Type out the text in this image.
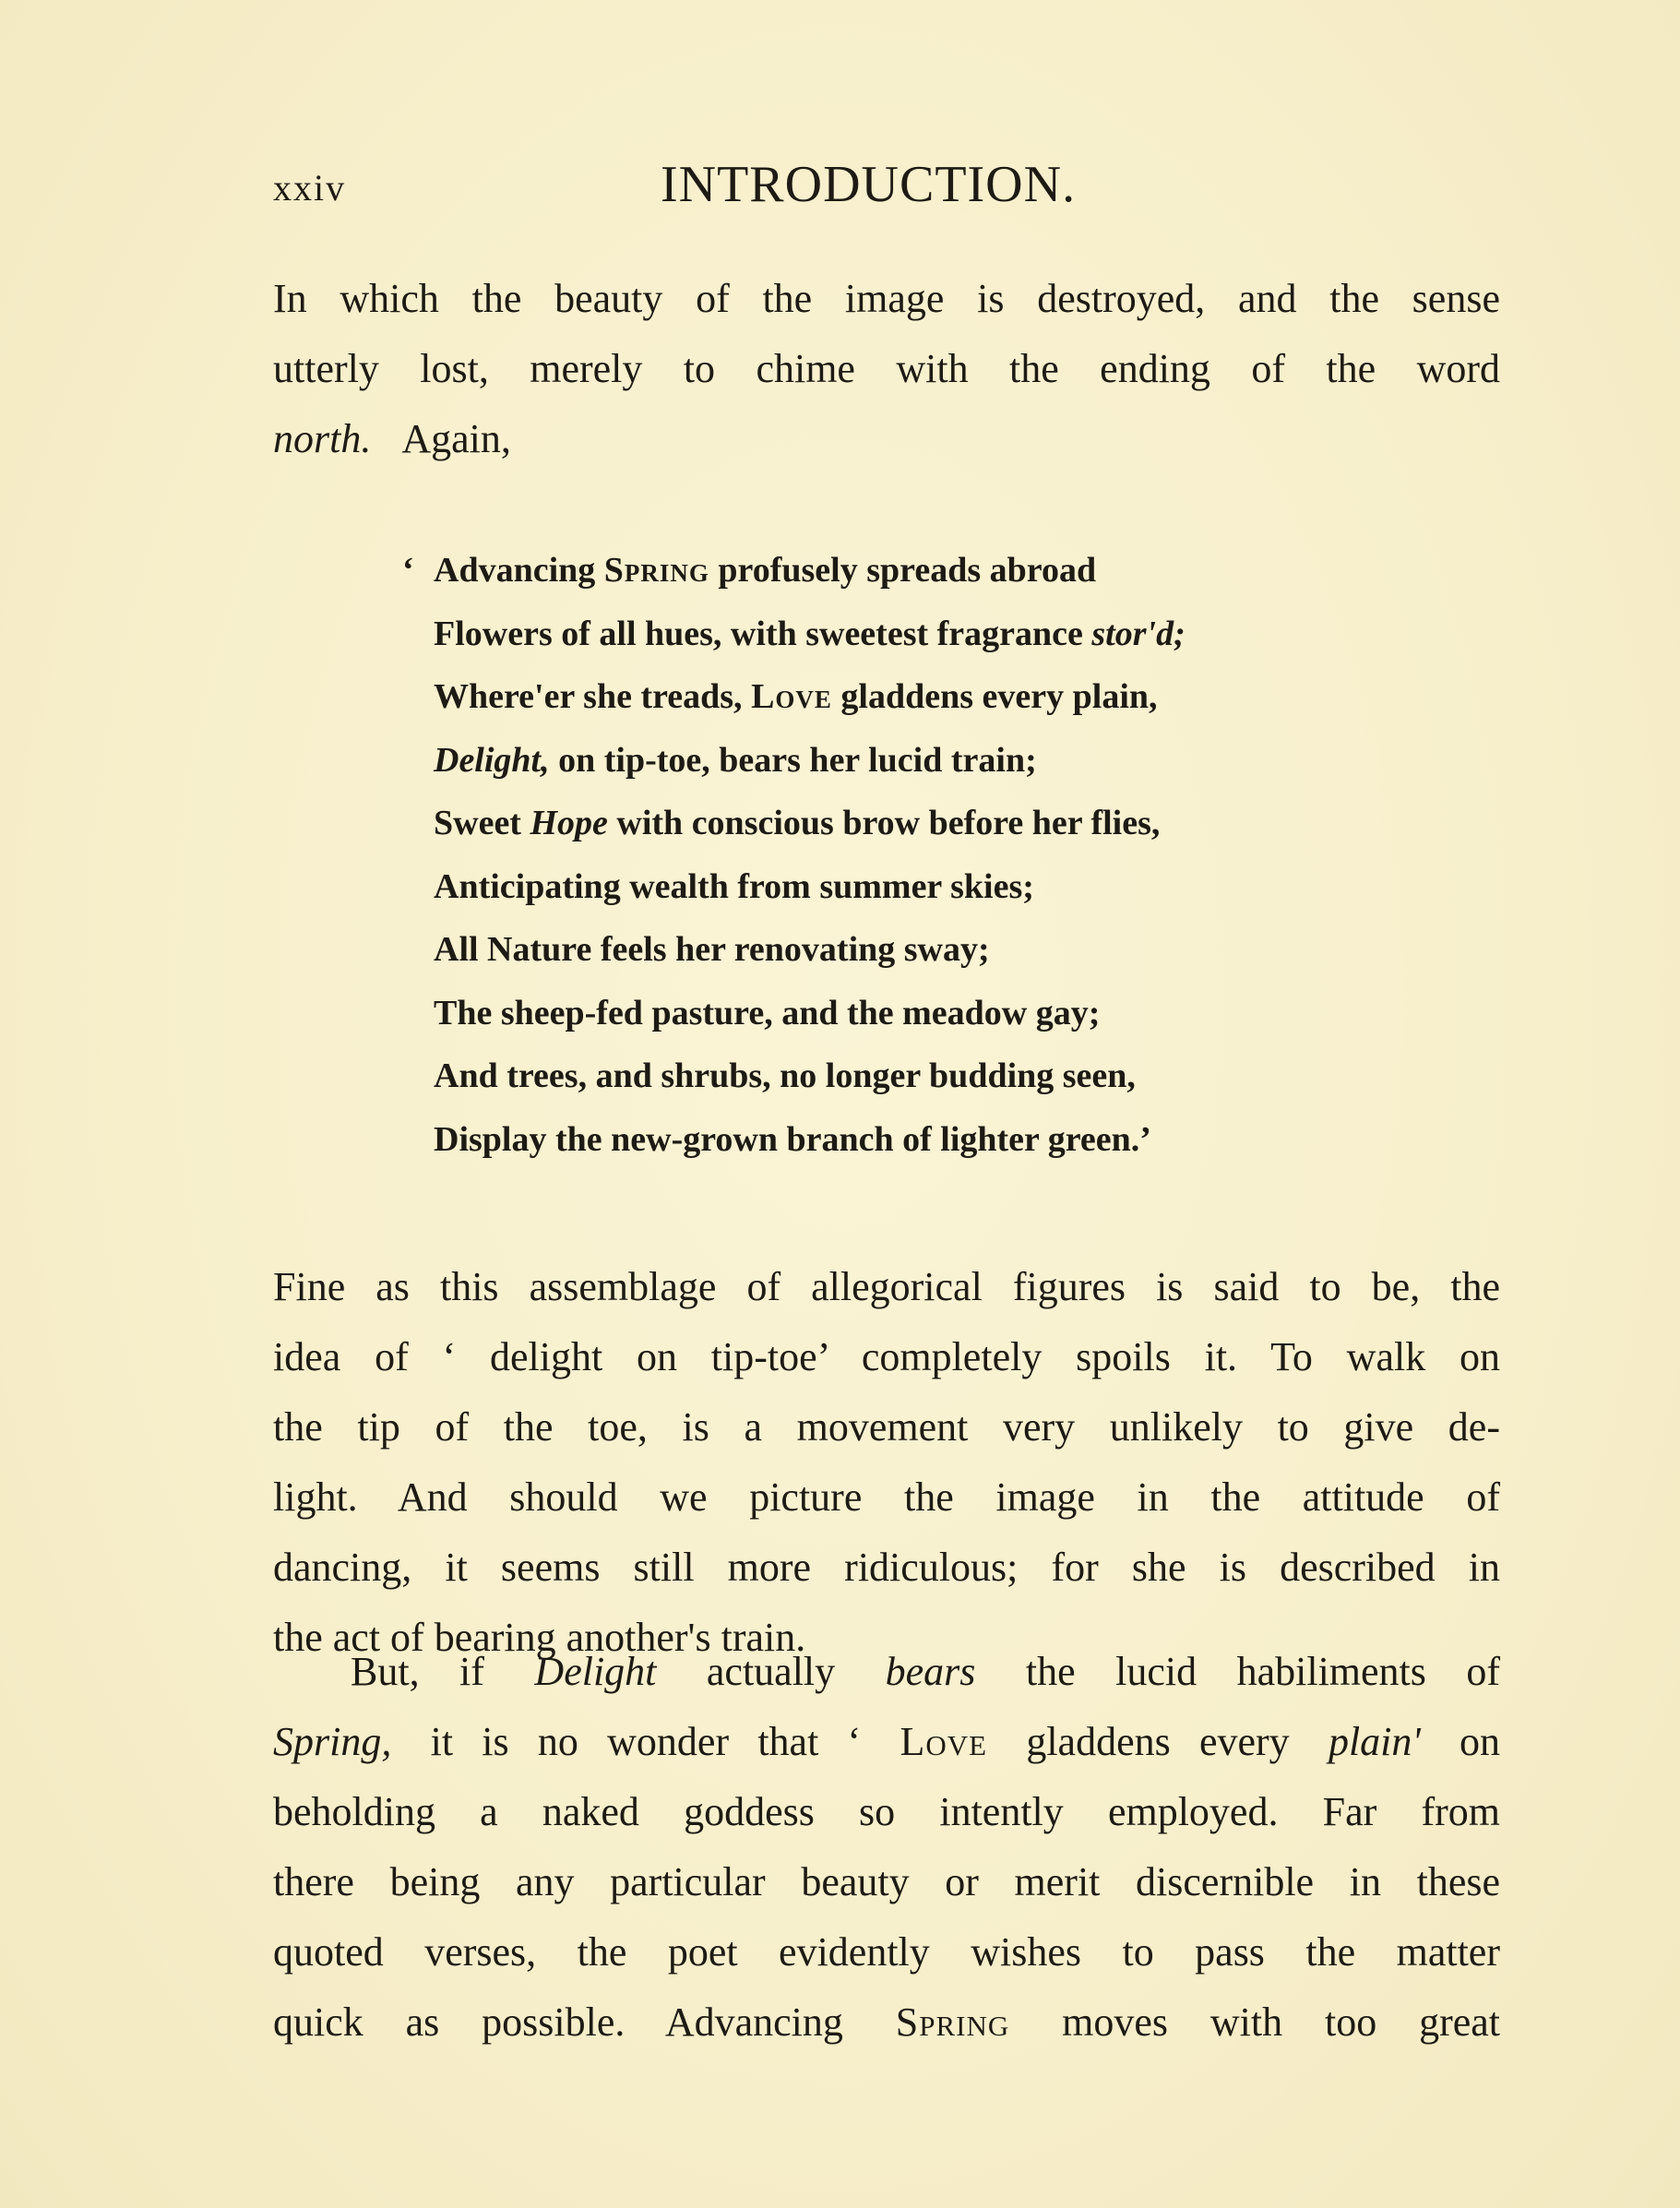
xxiv	INTRODUCTION.
In which the beauty of the image is destroyed, and the sense
utterly lost, merely to chime with the ending of the word
north. Again,
‘ Advancing Spring profusely spreads abroad
Flowers of all hues, with sweetest fragrance stor'd;
Where'er she treads, Love gladdens every plain,
Delight, on tip-toe, bears her lucid train;
Sweet Hope with conscious brow before her flies,
Anticipating wealth from summer skies;
All Nature feels her renovating sway;
The sheep-fed pasture, and the meadow gay;
And trees, and shrubs, no longer budding seen,
Display the new-grown branch of lighter green.’
Fine as this assemblage of allegorical figures is said to be, the
idea of ‘ delight on tip-toe’ completely spoils it. To walk on
the tip of the toe, is a movement very unlikely to give de-
light. And should we picture the image in the attitude of
dancing, it seems still more ridiculous; for she is described in
the act of bearing another's train.
But, if Delight actually bears the lucid habiliments of
Spring, it is no wonder that ‘ Love gladdens every plain' on
beholding a naked goddess so intently employed. Far from
there being any particular beauty or merit discernible in these
quoted verses, the poet evidently wishes to pass the matter
quick as possible. Advancing Spring moves with too great
